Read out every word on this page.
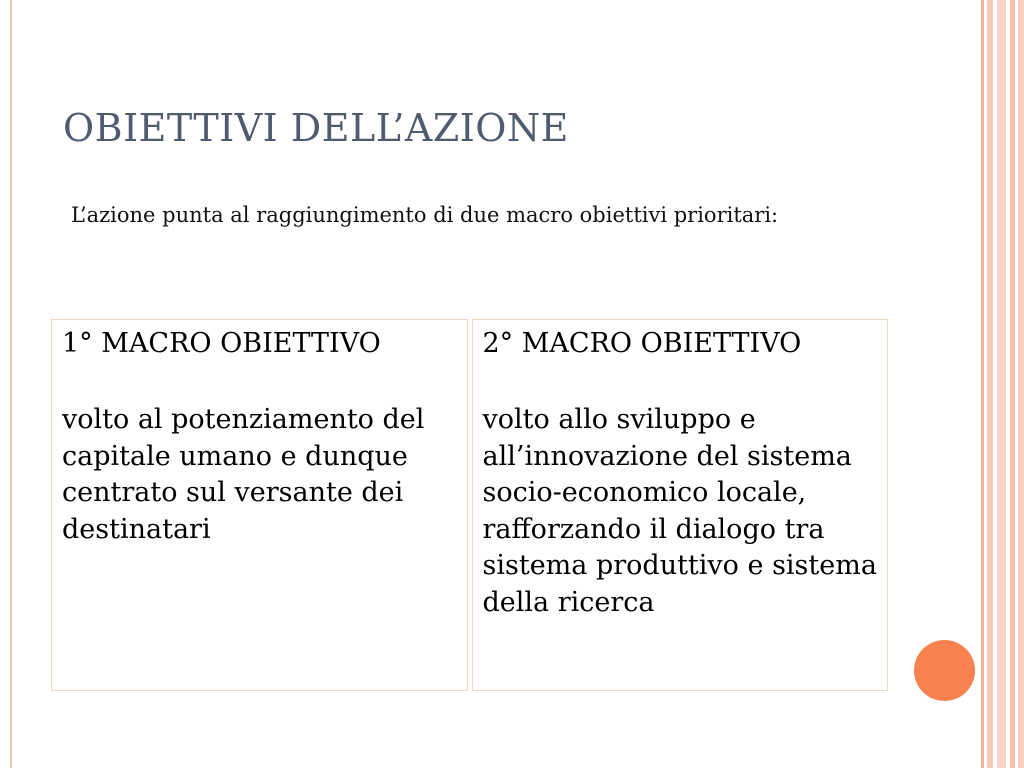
OBIETTIVI DELL’AZIONE
L’azione punta al raggiungimento di due macro obiettivi prioritari:

1° MACRO OBIETTIVO

volto al potenziamento del capitale umano e dunque centrato sul versante dei destinatari

2° MACRO OBIETTIVO

volto allo sviluppo e all’innovazione del sistema socio-economico locale, rafforzando il dialogo tra sistema produttivo e sistema della ricerca
